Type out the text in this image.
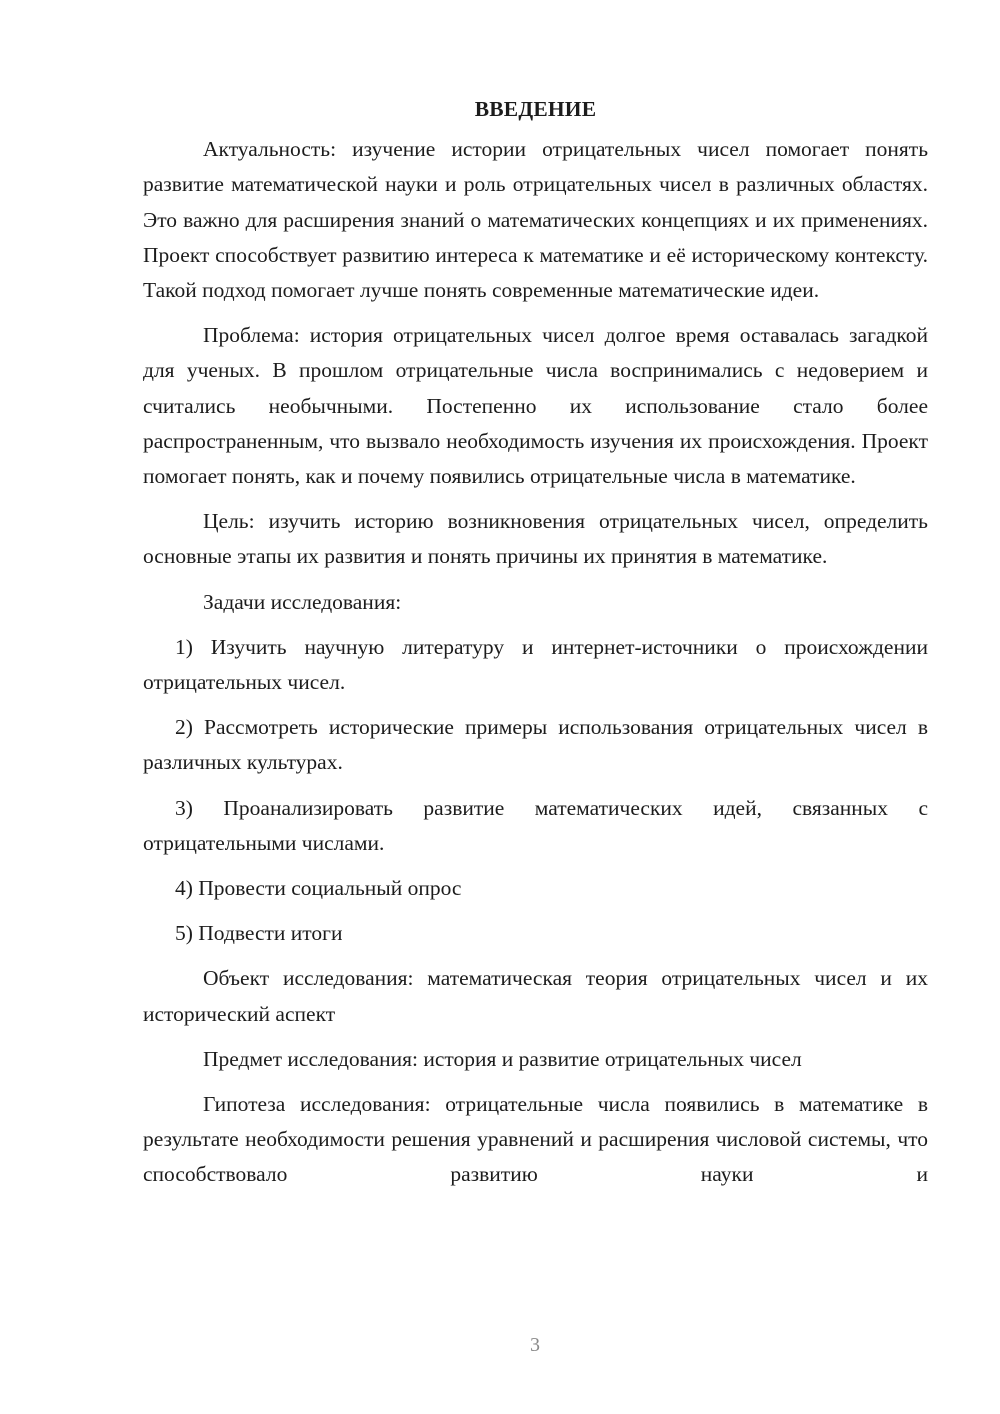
ВВЕДЕНИЕ

Актуальность: изучение истории отрицательных чисел помогает понять развитие математической науки и роль отрицательных чисел в различных областях. Это важно для расширения знаний о математических концепциях и их применениях. Проект способствует развитию интереса к математике и её историческому контексту. Такой подход помогает лучше понять современные математические идеи.

Проблема: история отрицательных чисел долгое время оставалась загадкой для ученых. В прошлом отрицательные числа воспринимались с недоверием и считались необычными. Постепенно их использование стало более распространенным, что вызвало необходимость изучения их происхождения. Проект помогает понять, как и почему появились отрицательные числа в математике.

Цель: изучить историю возникновения отрицательных чисел, определить основные этапы их развития и понять причины их принятия в математике.

Задачи исследования:

1) Изучить научную литературу и интернет-источники о происхождении отрицательных чисел.

2) Рассмотреть исторические примеры использования отрицательных чисел в различных культурах.

3) Проанализировать развитие математических идей, связанных с отрицательными числами.

4) Провести социальный опрос

5) Подвести итоги

Объект исследования: математическая теория отрицательных чисел и их исторический аспект

Предмет исследования: история и развитие отрицательных чисел

Гипотеза исследования: отрицательные числа появились в математике в результате необходимости решения уравнений и расширения числовой системы, что способствовало развитию науки и

3
